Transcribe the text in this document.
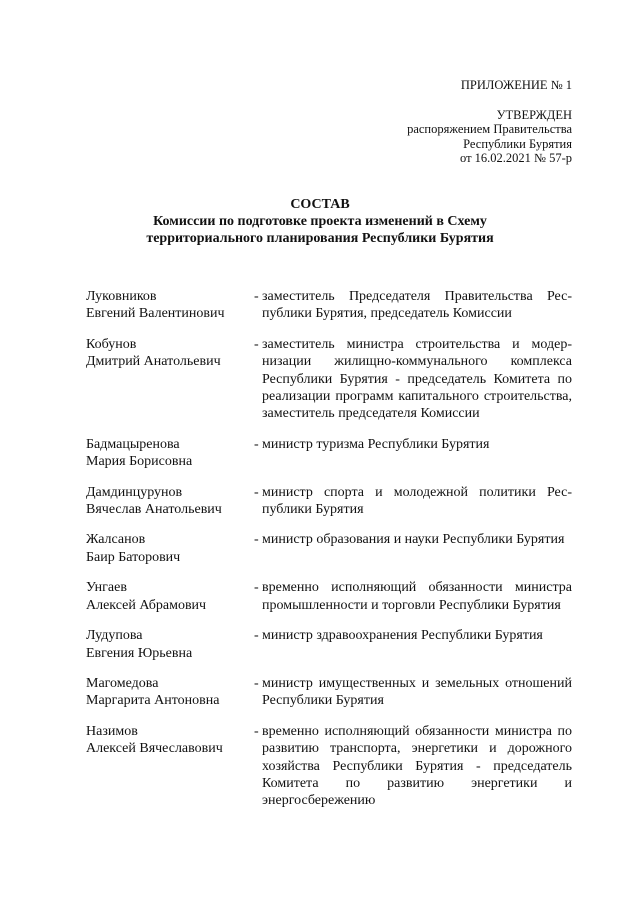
ПРИЛОЖЕНИЕ № 1
УТВЕРЖДЕН
распоряжением Правительства
Республики Бурятия
от 16.02.2021 № 57-р
СОСТАВ
Комиссии по подготовке проекта изменений в Схему
территориального планирования Республики Бурятия
Луковников
Евгений Валентинович
- заместитель Председателя Правительства Республики Бурятия, председатель Комиссии
Кобунов
Дмитрий Анатольевич
- заместитель министра строительства и модернизации жилищно-коммунального комплекса Республики Бурятия - председатель Комитета по реализации программ капитального строительства, заместитель председателя Комиссии
Бадмацыренова
Мария Борисовна
- министр туризма Республики Бурятия
Дамдинцурунов
Вячеслав Анатольевич
- министр спорта и молодежной политики Республики Бурятия
Жалсанов
Баир Баторович
- министр образования и науки Республики Бурятия
Унгаев
Алексей Абрамович
- временно исполняющий обязанности министра промышленности и торговли Республики Бурятия
Лудупова
Евгения Юрьевна
- министр здравоохранения Республики Бурятия
Магомедова
Маргарита Антоновна
- министр имущественных и земельных отношений Республики Бурятия
Назимов
Алексей Вячеславович
- временно исполняющий обязанности министра по развитию транспорта, энергетики и дорожного хозяйства Республики Бурятия - председатель Комитета по развитию энергетики и энергосбережению
